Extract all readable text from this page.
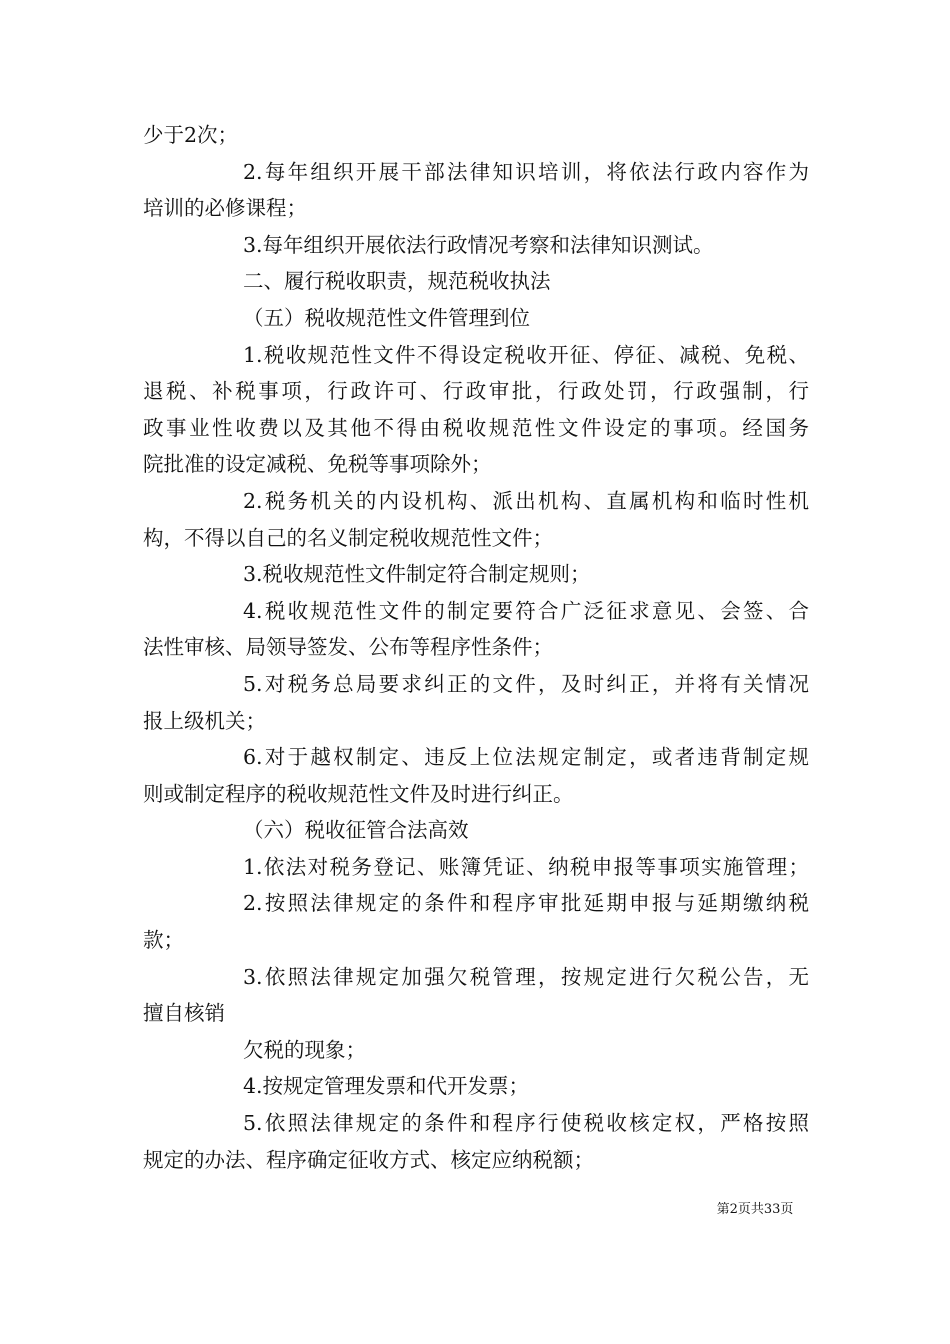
少于2次；
2.每年组织开展干部法律知识培训，将依法行政内容作为
培训的必修课程；
3.每年组织开展依法行政情况考察和法律知识测试。
二、履行税收职责，规范税收执法
（五）税收规范性文件管理到位
1.税收规范性文件不得设定税收开征、停征、减税、免税、
退税、补税事项，行政许可、行政审批，行政处罚，行政强制，行
政事业性收费以及其他不得由税收规范性文件设定的事项。经国务
院批准的设定减税、免税等事项除外；
2.税务机关的内设机构、派出机构、直属机构和临时性机
构，不得以自己的名义制定税收规范性文件；
3.税收规范性文件制定符合制定规则；
4.税收规范性文件的制定要符合广泛征求意见、会签、合
法性审核、局领导签发、公布等程序性条件；
5.对税务总局要求纠正的文件，及时纠正，并将有关情况
报上级机关；
6.对于越权制定、违反上位法规定制定，或者违背制定规
则或制定程序的税收规范性文件及时进行纠正。
（六）税收征管合法高效
1.依法对税务登记、账簿凭证、纳税申报等事项实施管理；
2.按照法律规定的条件和程序审批延期申报与延期缴纳税
款；
3.依照法律规定加强欠税管理，按规定进行欠税公告，无
擅自核销
欠税的现象；
4.按规定管理发票和代开发票；
5.依照法律规定的条件和程序行使税收核定权，严格按照
规定的办法、程序确定征收方式、核定应纳税额；
第2页共33页
